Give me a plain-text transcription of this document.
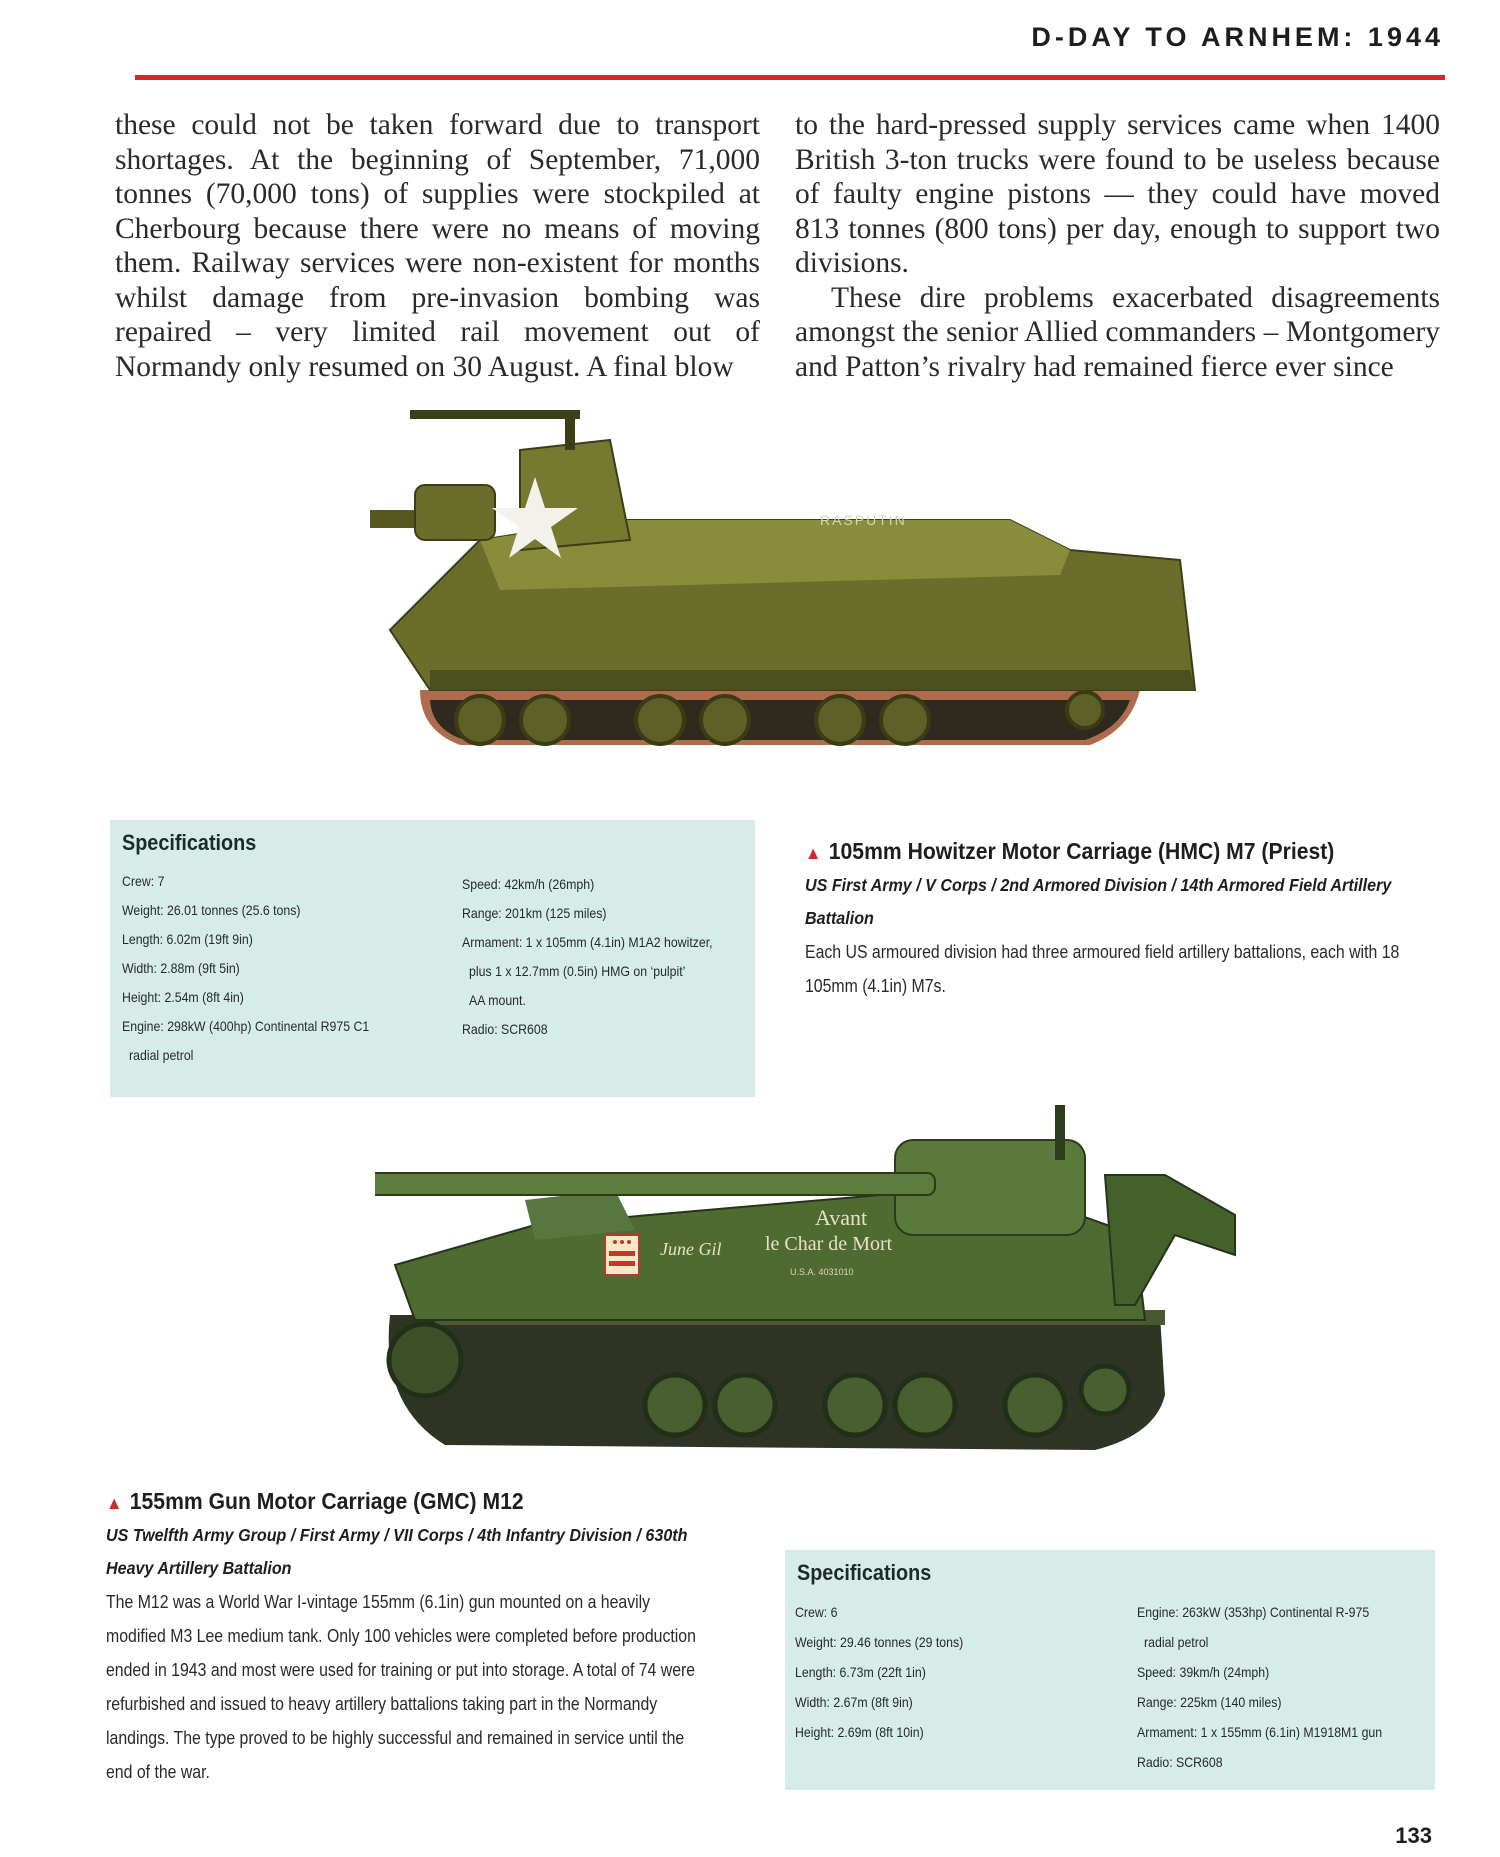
D-DAY TO ARNHEM: 1944

these could not be taken forward due to transport shortages. At the beginning of September, 71,000 tonnes (70,000 tons) of supplies were stockpiled at Cherbourg because there were no means of moving them. Railway services were non-existent for months whilst damage from pre-invasion bombing was repaired – very limited rail movement out of Normandy only resumed on 30 August. A final blow

to the hard-pressed supply services came when 1400 British 3-ton trucks were found to be useless because of faulty engine pistons — they could have moved 813 tonnes (800 tons) per day, enough to support two divisions.

These dire problems exacerbated disagreements amongst the senior Allied commanders – Montgomery and Patton’s rivalry had remained fierce ever since

RASPUTIN
Specifications
Crew: 7
Weight: 26.01 tonnes (25.6 tons)
Length: 6.02m (19ft 9in)
Width: 2.88m (9ft 5in)
Height: 2.54m (8ft 4in)
Engine: 298kW (400hp) Continental R975 C1
radial petrol
Speed: 42km/h (26mph)
Range: 201km (125 miles)
Armament: 1 x 105mm (4.1in) M1A2 howitzer,
plus 1 x 12.7mm (0.5in) HMG on ‘pulpit’
AA mount.
Radio: SCR608
▲ 105mm Howitzer Motor Carriage (HMC) M7 (Priest)
US First Army / V Corps / 2nd Armored Division / 14th Armored Field Artillery Battalion
Each US armoured division had three armoured field artillery battalions, each with 18 105mm (4.1in) M7s.
June Gil
Avant
le Char de Mort
U.S.A. 4031010
▲ 155mm Gun Motor Carriage (GMC) M12
US Twelfth Army Group / First Army / VII Corps / 4th Infantry Division / 630th Heavy Artillery Battalion
The M12 was a World War I-vintage 155mm (6.1in) gun mounted on a heavily modified M3 Lee medium tank. Only 100 vehicles were completed before production ended in 1943 and most were used for training or put into storage. A total of 74 were refurbished and issued to heavy artillery battalions taking part in the Normandy landings. The type proved to be highly successful and remained in service until the end of the war.
Specifications
Crew: 6
Weight: 29.46 tonnes (29 tons)
Length: 6.73m (22ft 1in)
Width: 2.67m (8ft 9in)
Height: 2.69m (8ft 10in)
Engine: 263kW (353hp) Continental R-975
radial petrol
Speed: 39km/h (24mph)
Range: 225km (140 miles)
Armament: 1 x 155mm (6.1in) M1918M1 gun
Radio: SCR608
133
